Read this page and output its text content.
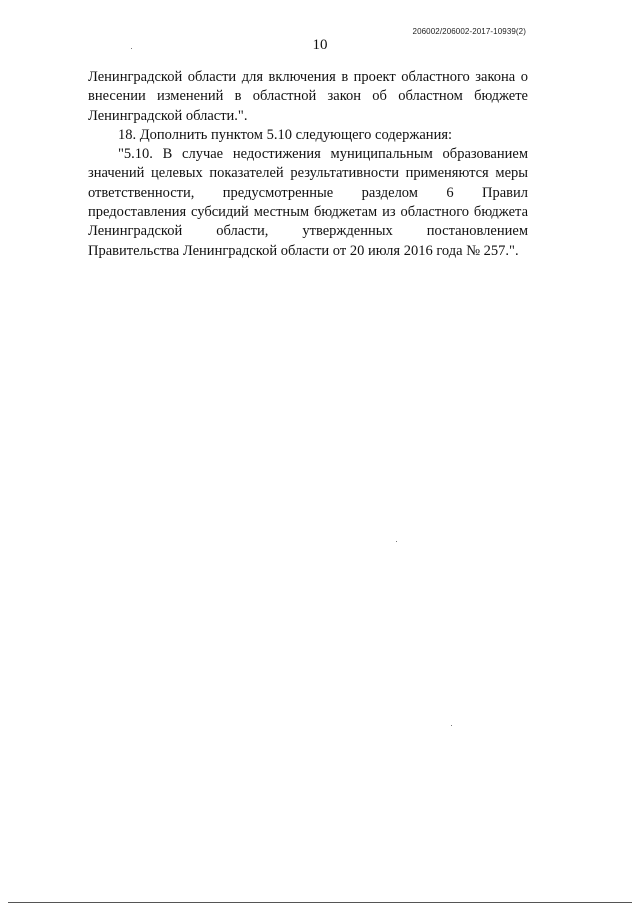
206002/206002-2017-10939(2)
10

Ленинградской области для включения в проект областного закона о внесении изменений в областной закон об областном бюджете Ленинградской области.".

18. Дополнить пунктом 5.10 следующего содержания:

"5.10. В случае недостижения муниципальным образованием значений целевых показателей результативности применяются меры ответственности, предусмотренные разделом 6 Правил предоставления субсидий местным бюджетам из областного бюджета Ленинградской области, утвержденных постановлением Правительства Ленинградской области от 20 июля 2016 года № 257.".
